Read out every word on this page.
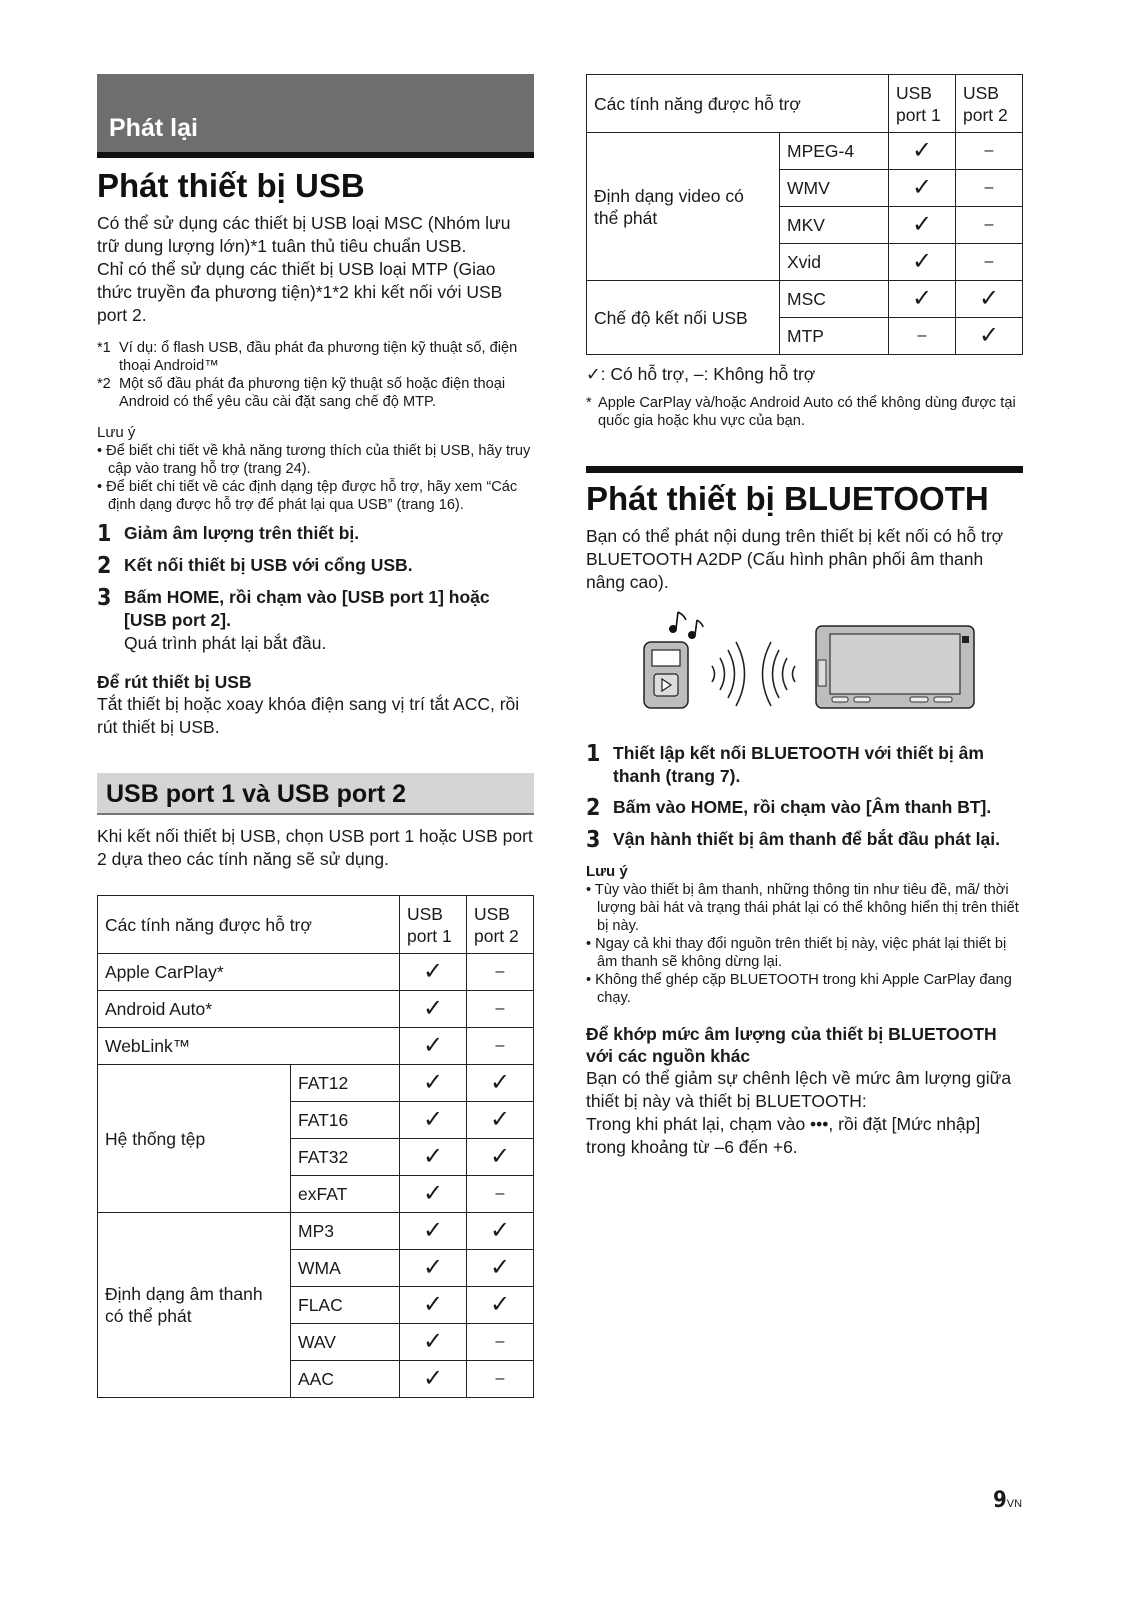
Phát lại
Phát thiết bị USB

Có thể sử dụng các thiết bị USB loại MSC (Nhóm lưu trữ dung lượng lớn)*1 tuân thủ tiêu chuẩn USB.

Chỉ có thể sử dụng các thiết bị USB loại MTP (Giao thức truyền đa phương tiện)*1*2 khi kết nối với USB port 2.

*1 Ví dụ: ổ flash USB, đầu phát đa phương tiện kỹ thuật số, điện thoại Android™
*2 Một số đầu phát đa phương tiện kỹ thuật số hoặc điện thoại Android có thể yêu cầu cài đặt sang chế độ MTP.
Lưu ý
• Để biết chi tiết về khả năng tương thích của thiết bị USB, hãy truy cập vào trang hỗ trợ (trang 24).
• Để biết chi tiết về các định dạng tệp được hỗ trợ, hãy xem “Các định dạng được hỗ trợ để phát lại qua USB” (trang 16).
1 Giảm âm lượng trên thiết bị.
2 Kết nối thiết bị USB với cổng USB.
3 Bấm HOME, rồi chạm vào [USB port 1] hoặc [USB port 2].
Quá trình phát lại bắt đầu.
Để rút thiết bị USB

Tắt thiết bị hoặc xoay khóa điện sang vị trí tắt ACC, rồi rút thiết bị USB.

USB port 1 và USB port 2

Khi kết nối thiết bị USB, chọn USB port 1 hoặc USB port 2 dựa theo các tính năng sẽ sử dụng.

Các tính năng được hỗ trợ		USB port 1	USB port 2
Apple CarPlay*		✓	–
Android Auto*		✓	–
WebLink™		✓	–
Hệ thống tệp	FAT12	✓	✓
	FAT16	✓	✓
	FAT32	✓	✓
	exFAT	✓	–
Định dạng âm thanh có thể phát	MP3	✓	✓
	WMA	✓	✓
	FLAC	✓	✓
	WAV	✓	–
	AAC	✓	–
Các tính năng được hỗ trợ		USB port 1	USB port 2
Định dạng video có thể phát	MPEG-4	✓	–
	WMV	✓	–
	MKV	✓	–
	Xvid	✓	–
Chế độ kết nối USB	MSC	✓	✓
	MTP	–	✓

✓: Có hỗ trợ, –: Không hỗ trợ

* Apple CarPlay và/hoặc Android Auto có thể không dùng được tại quốc gia hoặc khu vực của bạn.
Phát thiết bị BLUETOOTH

Bạn có thể phát nội dung trên thiết bị kết nối có hỗ trợ BLUETOOTH A2DP (Cấu hình phân phối âm thanh nâng cao).

1 Thiết lập kết nối BLUETOOTH với thiết bị âm thanh (trang 7).
2 Bấm vào HOME, rồi chạm vào [Âm thanh BT].
3 Vận hành thiết bị âm thanh để bắt đầu phát lại.
Lưu ý
• Tùy vào thiết bị âm thanh, những thông tin như tiêu đề, mã/ thời lượng bài hát và trạng thái phát lại có thể không hiển thị trên thiết bị này.
• Ngay cả khi thay đổi nguồn trên thiết bị này, việc phát lại thiết bị âm thanh sẽ không dừng lại.
• Không thể ghép cặp BLUETOOTH trong khi Apple CarPlay đang chạy.
Để khớp mức âm lượng của thiết bị BLUETOOTH với các nguồn khác

Bạn có thể giảm sự chênh lệch về mức âm lượng giữa thiết bị này và thiết bị BLUETOOTH:

Trong khi phát lại, chạm vào •••, rồi đặt [Mức nhập] trong khoảng từ –6 đến +6.

9VN
